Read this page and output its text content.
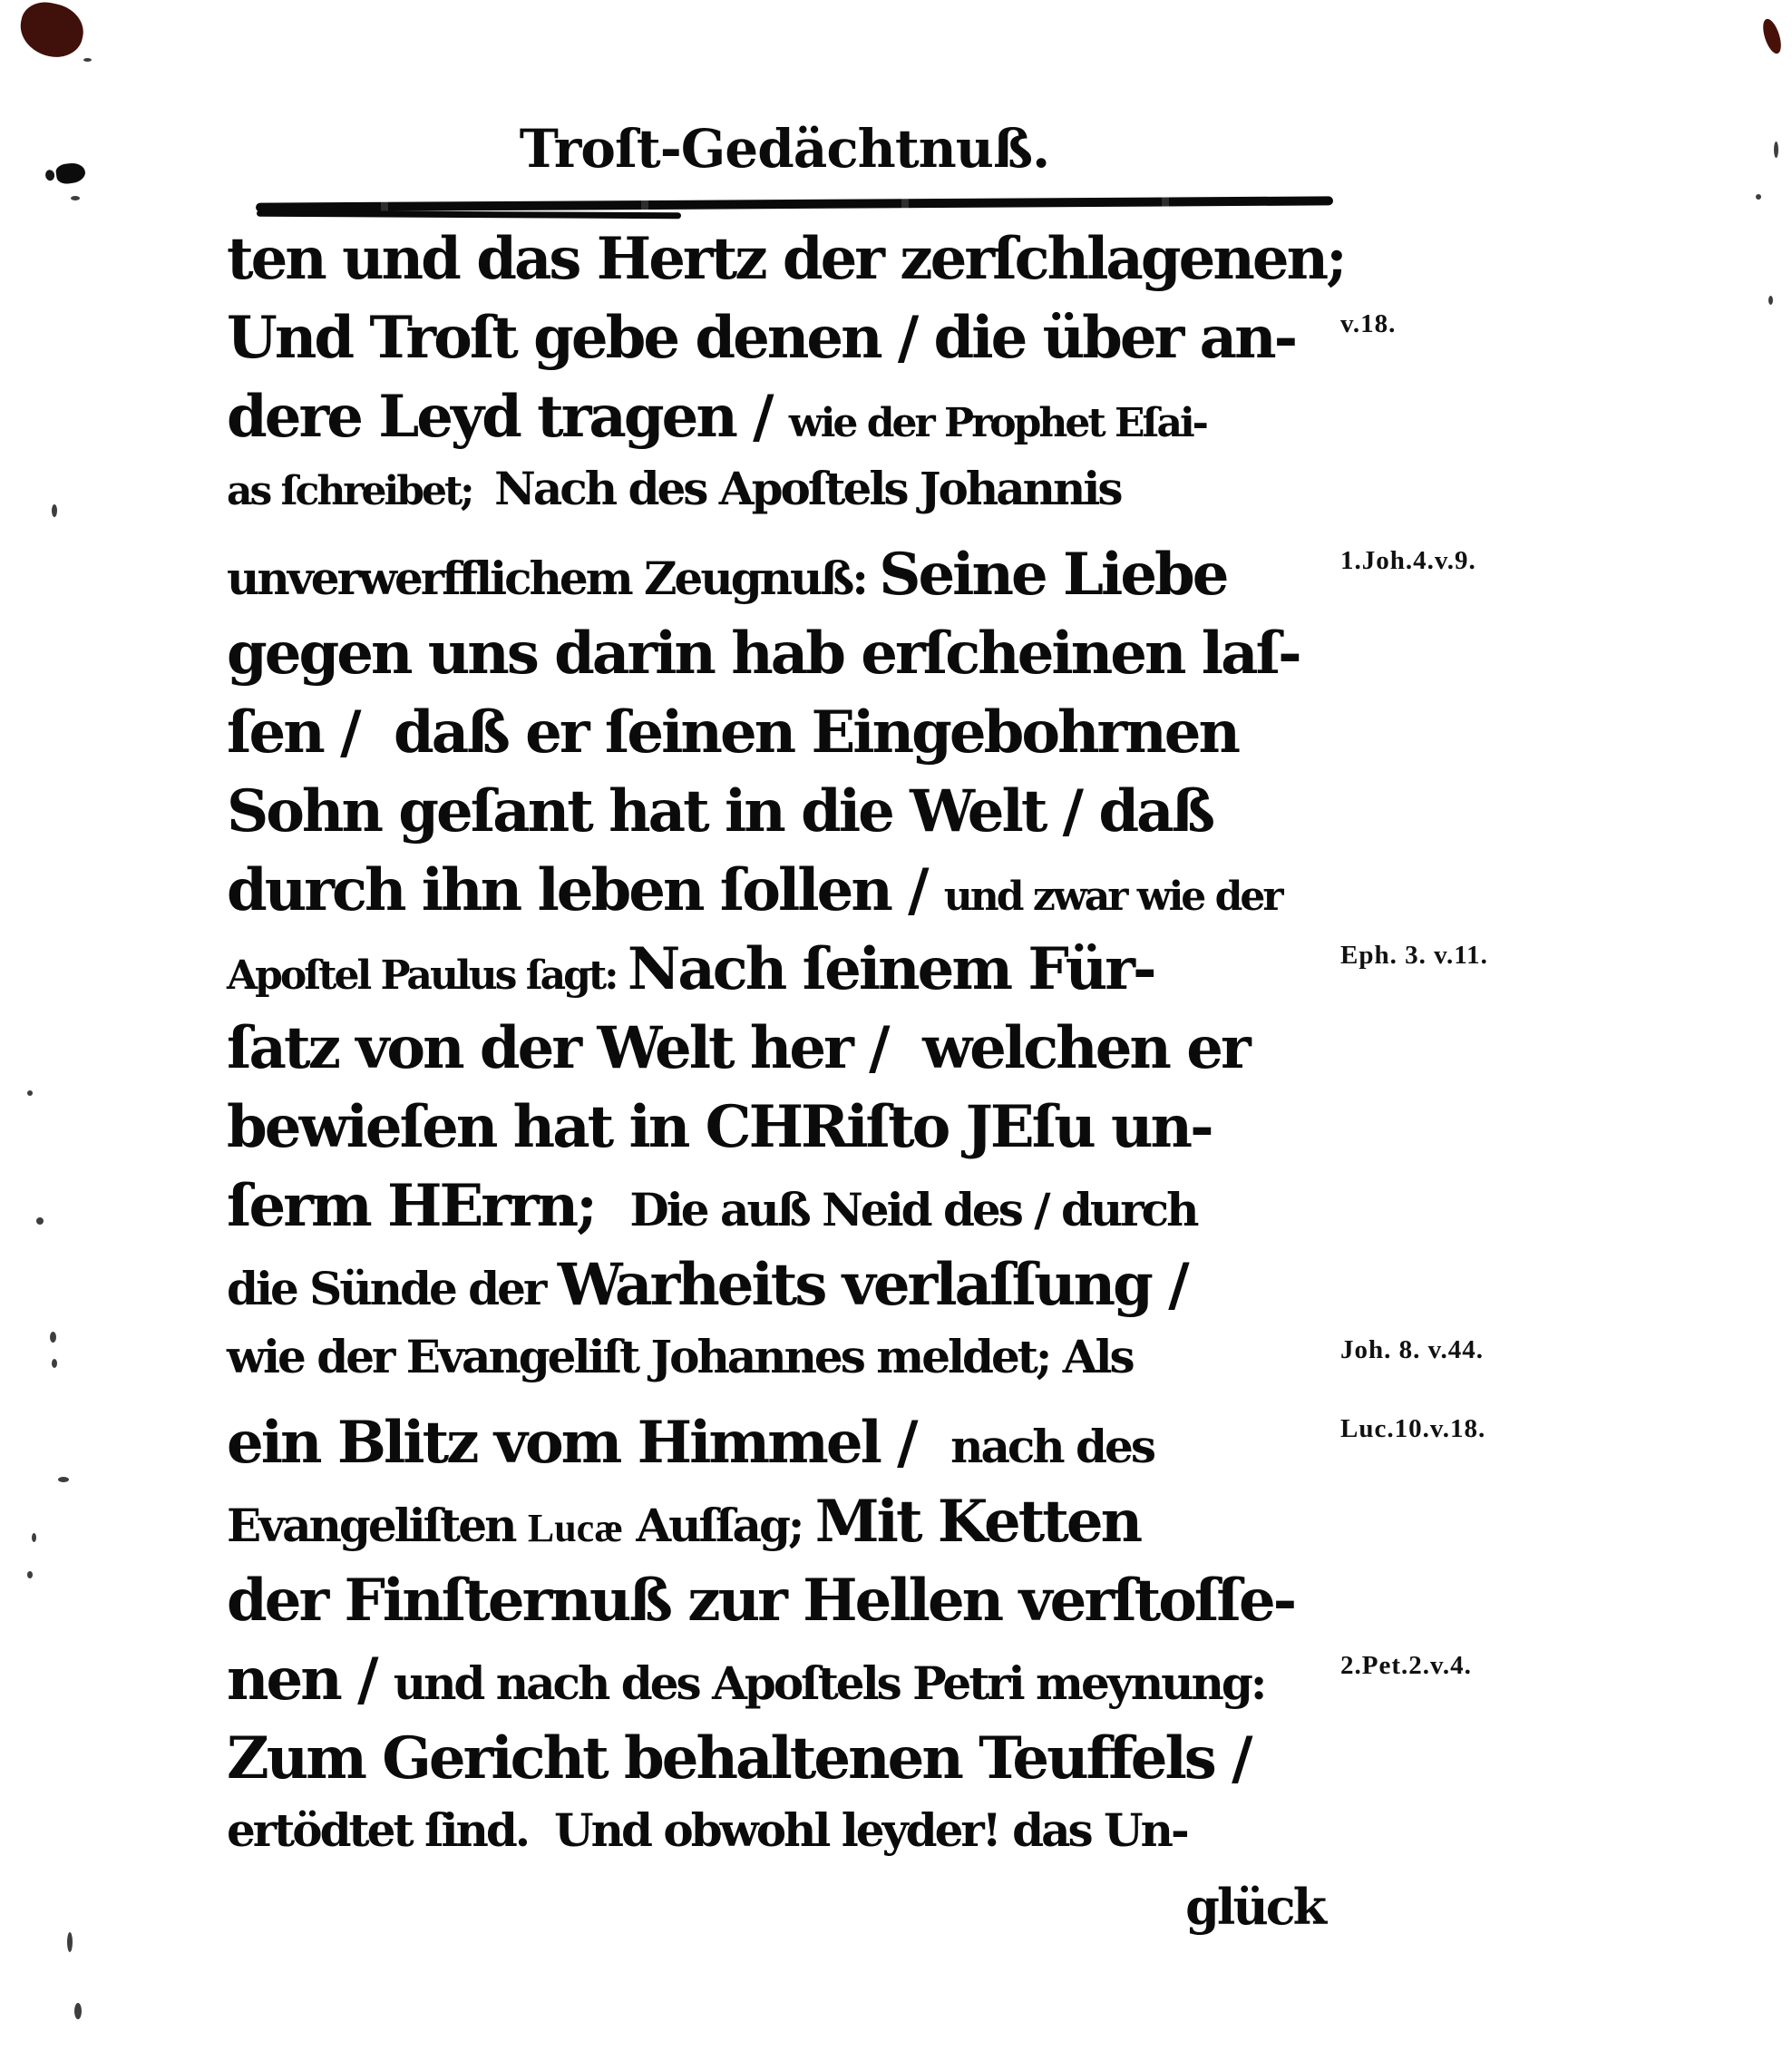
Troſt-Gedächtnuß.
ten und das Hertz der zerſchlagenen;
Und Troſt gebe denen / die über an- v.18.
dere Leyd tragen / wie der Prophet Eſai-
as ſchreibet; Nach des Apoſtels Johannis
unverwerfflichem Zeugnuß: Seine Liebe	1.Joh.4.v.9.
gegen uns darin hab erſcheinen laſ-
ſen /  daß er ſeinen Eingebohrnen
Sohn geſant hat in die Welt / daß
durch ihn leben ſollen / und zwar wie der
Apoſtel Paulus ſagt: Nach ſeinem Für-	Eph. 3. v.11.
ſatz von der Welt her /  welchen er
bewieſen hat in CHRiſto JEſu un-
ſerm HErrn; Die auß Neid des / durch
die Sünde der Warheits verlaſſung /
wie der Evangeliſt Johannes meldet; Als	Joh. 8. v.44.
ein Blitz vom Himmel / nach des	Luc.10.v.18.
Evangeliſten Lucæ Auſſag; Mit Ketten
der Finſternuß zur Hellen verſtoſſe-
nen / und nach des Apoſtels Petri meynung: 2.Pet.2.v.4.
Zum Gericht behaltenen Teuffels /
ertödtet ſind. Und obwohl leyder! das Un-
glück
